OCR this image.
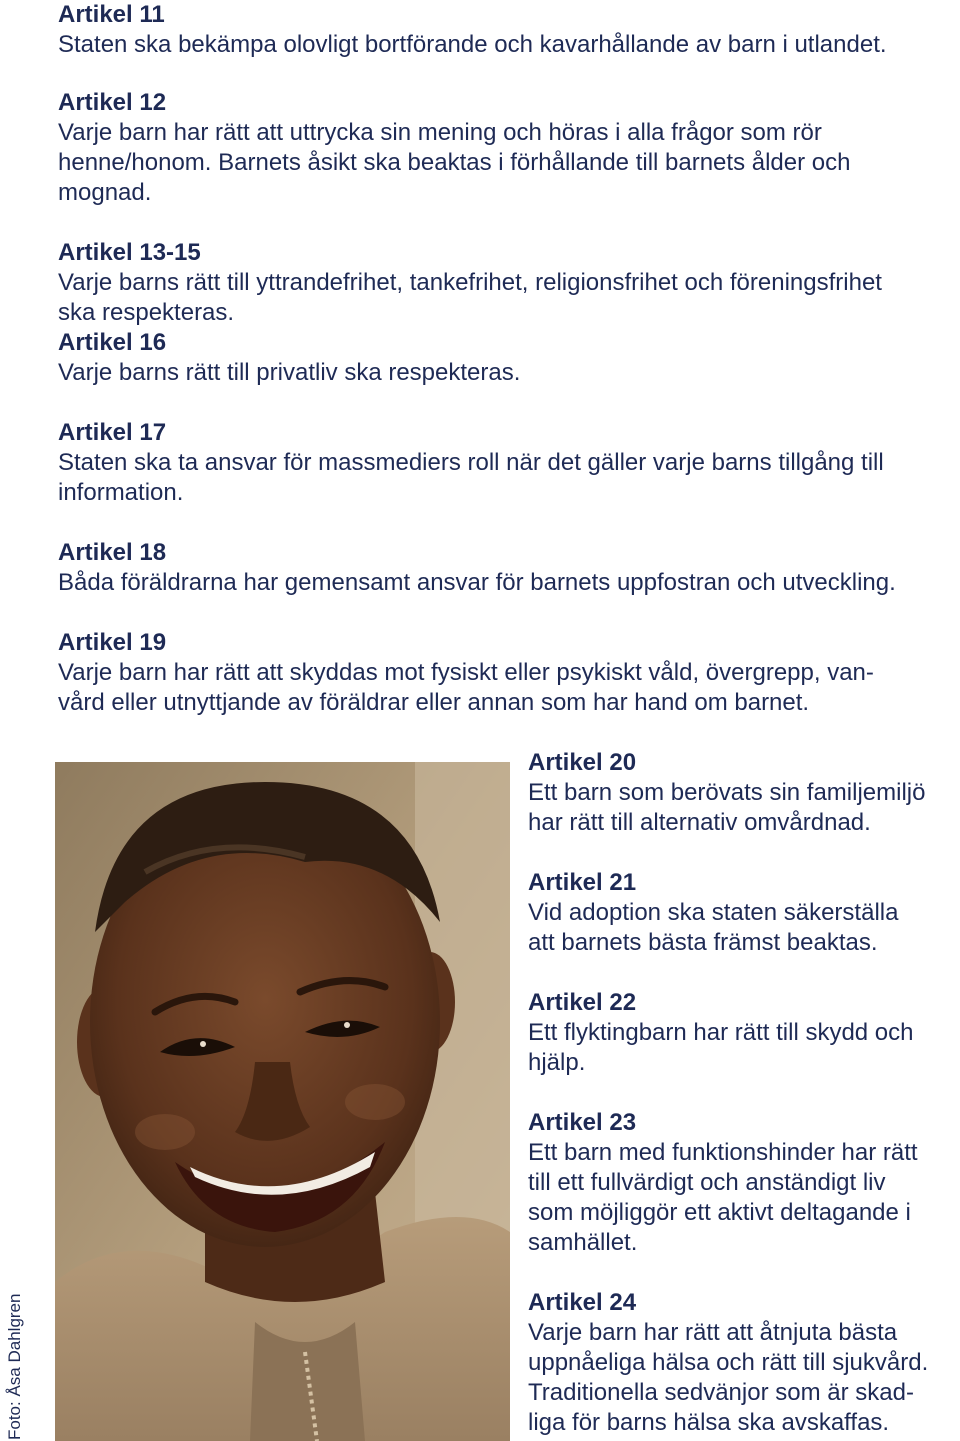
Artikel 11

Staten ska bekämpa olovligt bortförande och kavarhållande av barn i utlandet.

Artikel 12

Varje barn har rätt att uttrycka sin mening och höras i alla frågor som rör

henne/honom. Barnets åsikt ska beaktas i förhållande till barnets ålder och

mognad.

Artikel 13-15

Varje barns rätt till yttrandefrihet, tankefrihet, religionsfrihet och föreningsfrihet

ska respekteras.

Artikel 16

Varje barns rätt till privatliv ska respekteras.

Artikel 17

Staten ska ta ansvar för massmediers roll när det gäller varje barns tillgång till

information.

Artikel 18

Båda föräldrarna har gemensamt ansvar för barnets uppfostran och utveckling.

Artikel 19

Varje barn har rätt att skyddas mot fysiskt eller psykiskt våld, övergrepp, van-

vård eller utnyttjande av föräldrar eller annan som har hand om barnet.

Foto: Åsa Dahlgren
Artikel 20

Ett barn som berövats sin familjemiljö

har rätt till alternativ omvårdnad.

Artikel 21

Vid adoption ska staten säkerställa

att barnets bästa främst beaktas.

Artikel 22

Ett flyktingbarn har rätt till skydd och

hjälp.

Artikel 23

Ett barn med funktionshinder har rätt

till ett fullvärdigt och anständigt liv

som möjliggör ett aktivt deltagande i

samhället.

Artikel 24

Varje barn har rätt att åtnjuta bästa

uppnåeliga hälsa och rätt till sjukvård.

Traditionella sedvänjor som är skad-

liga för barns hälsa ska avskaffas.
